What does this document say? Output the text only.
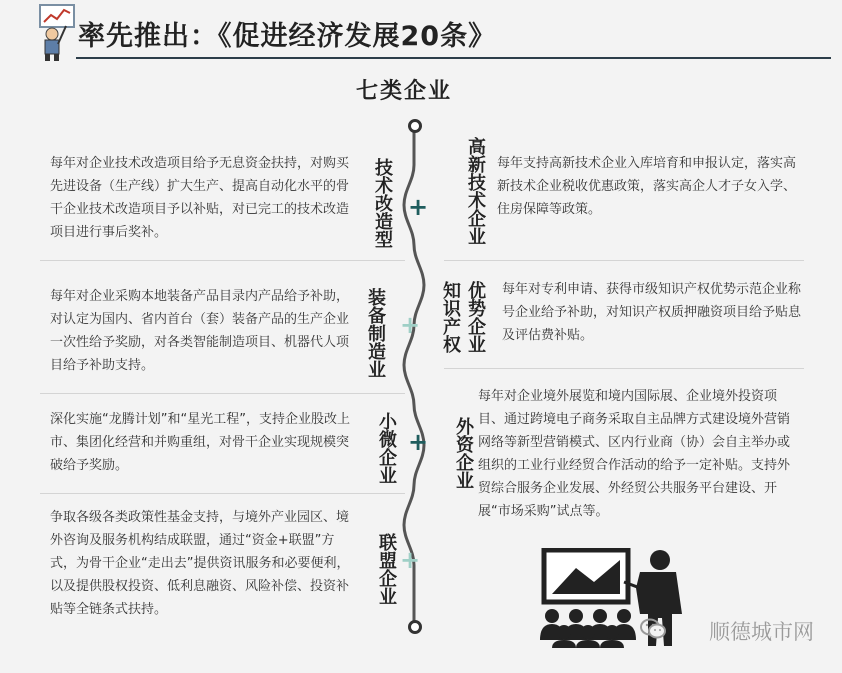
率先推出：《促进经济发展20条》
七类企业
+
+
+
+
每年对企业技术改造项目给予无息资金扶持，对购买先进设备（生产线）扩大生产、提高自动化水平的骨干企业技术改造项目予以补贴，对已完工的技术改造项目进行事后奖补。	技术改造型
每年对企业采购本地装备产品目录内产品给予补助，对认定为国内、省内首台（套）装备产品的生产企业一次性给予奖励，对各类智能制造项目、机器代人项目给予补助支持。	装备制造业
深化实施“龙腾计划”和“星光工程”，支持企业股改上市、集团化经营和并购重组，对骨干企业实现规模突破给予奖励。	小微企业
争取各级各类政策性基金支持，与境外产业园区、境外咨询及服务机构结成联盟，通过“资金+联盟”方式，为骨干企业“走出去”提供资讯服务和必要便利，以及提供股权投资、低利息融资、风险补偿、投资补贴等全链条式扶持。
联盟企业
高新技术企业 每年支持高新技术企业入库培育和申报认定，落实高新技术企业税收优惠政策，落实高企人才子女入学、住房保障等政策。
优势企业
知识产权	每年对专利申请、获得市级知识产权优势示范企业称号企业给予补助，对知识产权质押融资项目给予贴息及评估费补贴。
外资企业
每年对企业境外展览和境内国际展、企业境外投资项目、通过跨境电子商务采取自主品牌方式建设境外营销网络等新型营销模式、区内行业商（协）会自主举办或组织的工业行业经贸合作活动的给予一定补贴。支持外贸综合服务企业发展、外经贸公共服务平台建设、开展“市场采购”试点等。
顺德城市网
